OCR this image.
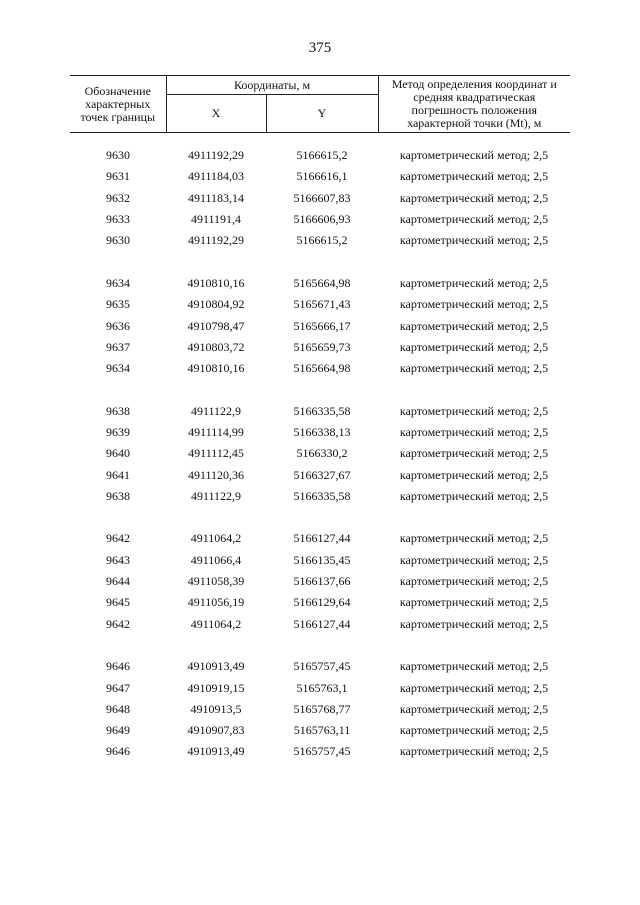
375
Обозначение характерных точек границы	Координаты, м		Метод определения координат и средняя квадратическая погрешность положения характерной точки (Mt), м
	X	Y	

9630	4911192,29	5166615,2	картометрический метод; 2,5
9631	4911184,03	5166616,1	картометрический метод; 2,5
9632	4911183,14	5166607,83	картометрический метод; 2,5
9633	4911191,4	5166606,93	картометрический метод; 2,5
9630	4911192,29	5166615,2	картометрический метод; 2,5

9634	4910810,16	5165664,98	картометрический метод; 2,5
9635	4910804,92	5165671,43	картометрический метод; 2,5
9636	4910798,47	5165666,17	картометрический метод; 2,5
9637	4910803,72	5165659,73	картометрический метод; 2,5
9634	4910810,16	5165664,98	картометрический метод; 2,5

9638	4911122,9	5166335,58	картометрический метод; 2,5
9639	4911114,99	5166338,13	картометрический метод; 2,5
9640	4911112,45	5166330,2	картометрический метод; 2,5
9641	4911120,36	5166327,67	картометрический метод; 2,5
9638	4911122,9	5166335,58	картометрический метод; 2,5

9642	4911064,2	5166127,44	картометрический метод; 2,5
9643	4911066,4	5166135,45	картометрический метод; 2,5
9644	4911058,39	5166137,66	картометрический метод; 2,5
9645	4911056,19	5166129,64	картометрический метод; 2,5
9642	4911064,2	5166127,44	картометрический метод; 2,5

9646	4910913,49	5165757,45	картометрический метод; 2,5
9647	4910919,15	5165763,1	картометрический метод; 2,5
9648	4910913,5	5165768,77	картометрический метод; 2,5
9649	4910907,83	5165763,11	картометрический метод; 2,5
9646	4910913,49	5165757,45	картометрический метод; 2,5
